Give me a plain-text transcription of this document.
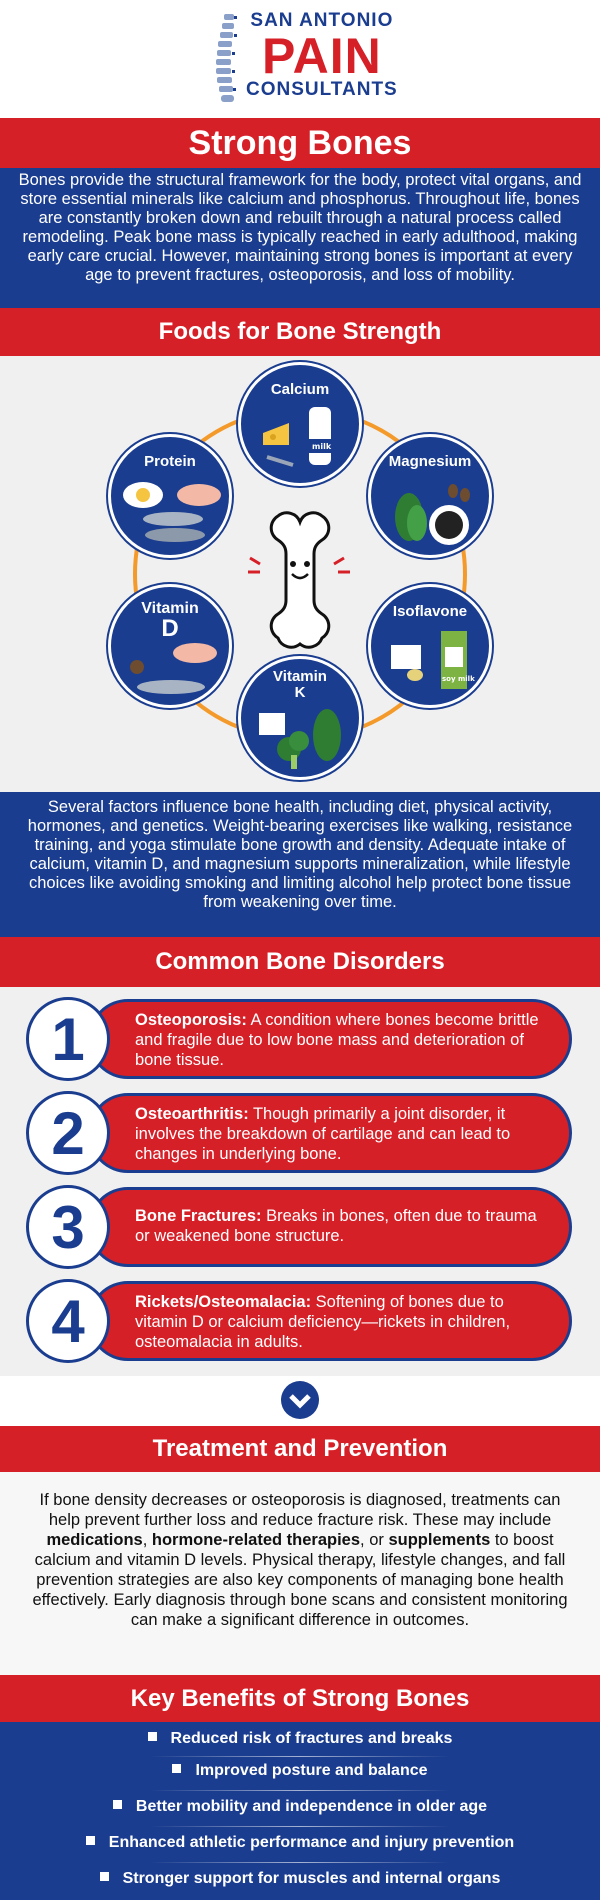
SAN ANTONIO
PAIN
CONSULTANTS
Strong Bones
Bones provide the structural framework for the body, protect vital organs, and store essential minerals like calcium and phosphorus. Throughout life, bones are constantly broken down and rebuilt through a natural process called remodeling. Peak bone mass is typically reached in early adulthood, making early care crucial. However, maintaining strong bones is important at every age to prevent fractures, osteoporosis, and loss of mobility.
Foods for Bone Strength
Calcium
milk
Magnesium
Isoflavone
soy milk
Vitamin
K
Vitamin
D
Protein
Several factors influence bone health, including diet, physical activity, hormones, and genetics. Weight-bearing exercises like walking, resistance training, and yoga stimulate bone growth and density. Adequate intake of calcium, vitamin D, and magnesium supports mineralization, while lifestyle choices like avoiding smoking and limiting alcohol help protect bone tissue from weakening over time.
Common Bone Disorders
Osteoporosis: A condition where bones become brittle and fragile due to low bone mass and deterioration of bone tissue.
1
Osteoarthritis: Though primarily a joint disorder, it involves the breakdown of cartilage and can lead to changes in underlying bone.
2
Bone Fractures: Breaks in bones, often due to trauma or weakened bone structure.
3
Rickets/Osteomalacia: Softening of bones due to vitamin D or calcium deficiency—rickets in children, osteomalacia in adults.
4
Treatment and Prevention
If bone density decreases or osteoporosis is diagnosed, treatments can help prevent further loss and reduce fracture risk. These may include medications, hormone-related therapies, or supplements to boost calcium and vitamin D levels. Physical therapy, lifestyle changes, and fall prevention strategies are also key components of managing bone health effectively. Early diagnosis through bone scans and consistent monitoring can make a significant difference in outcomes.
Key Benefits of Strong Bones
Reduced risk of fractures and breaks
Improved posture and balance
Better mobility and independence in older age
Enhanced athletic performance and injury prevention
Stronger support for muscles and internal organs
